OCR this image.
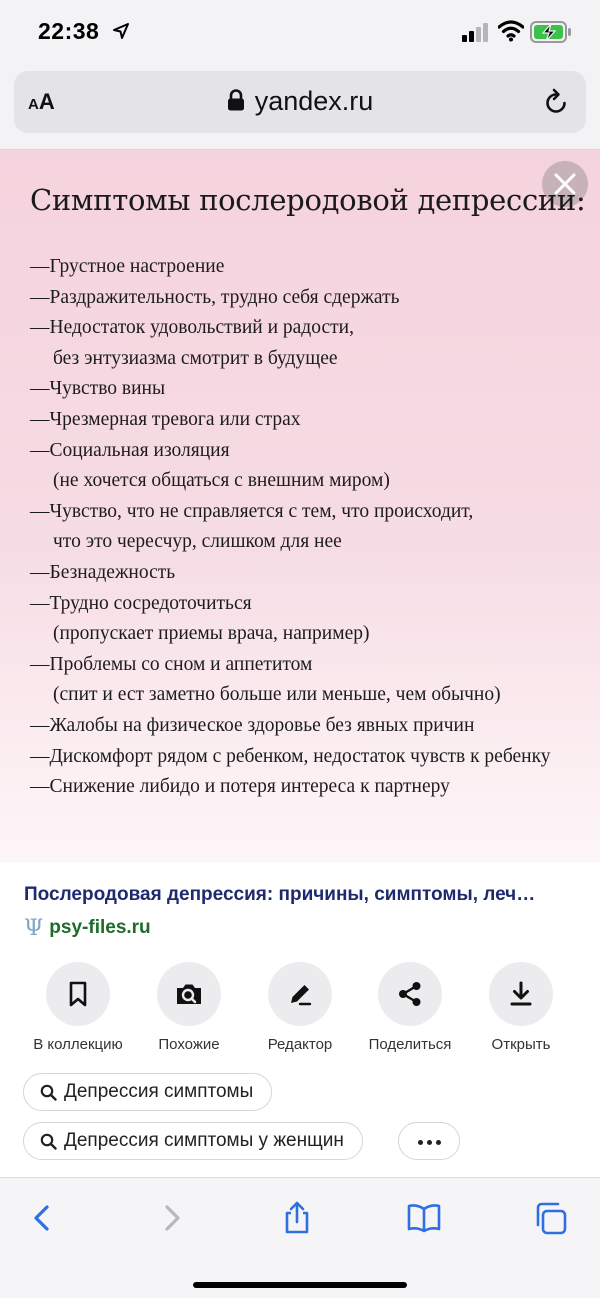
22:38
AA	yandex.ru
Симптомы послеродовой депрессии:
—Грустное настроение
—Раздражительность, трудно себя сдержать
—Недостаток удовольствий и радости,
без энтузиазма смотрит в будущее
—Чувство вины
—Чрезмерная тревога или страх
—Социальная изоляция
(не хочется общаться с внешним миром)
—Чувство, что не справляется с тем, что происходит,
что это чересчур, слишком для нее
—Безнадежность
—Трудно сосредоточиться
(пропускает приемы врача, например)
—Проблемы со сном и аппетитом
(спит и ест заметно больше или меньше, чем обычно)
—Жалобы на физическое здоровье без явных причин
—Дискомфорт рядом с ребенком, недостаток чувств к ребенку
—Снижение либидо и потеря интереса к партнеру
Послеродовая депрессия: причины, симптомы, леч…
Ψ psy-files.ru
В коллекцию	Похожие	Редактор	Поделиться	Открыть
Депрессия симптомы
Депрессия симптомы у женщин
